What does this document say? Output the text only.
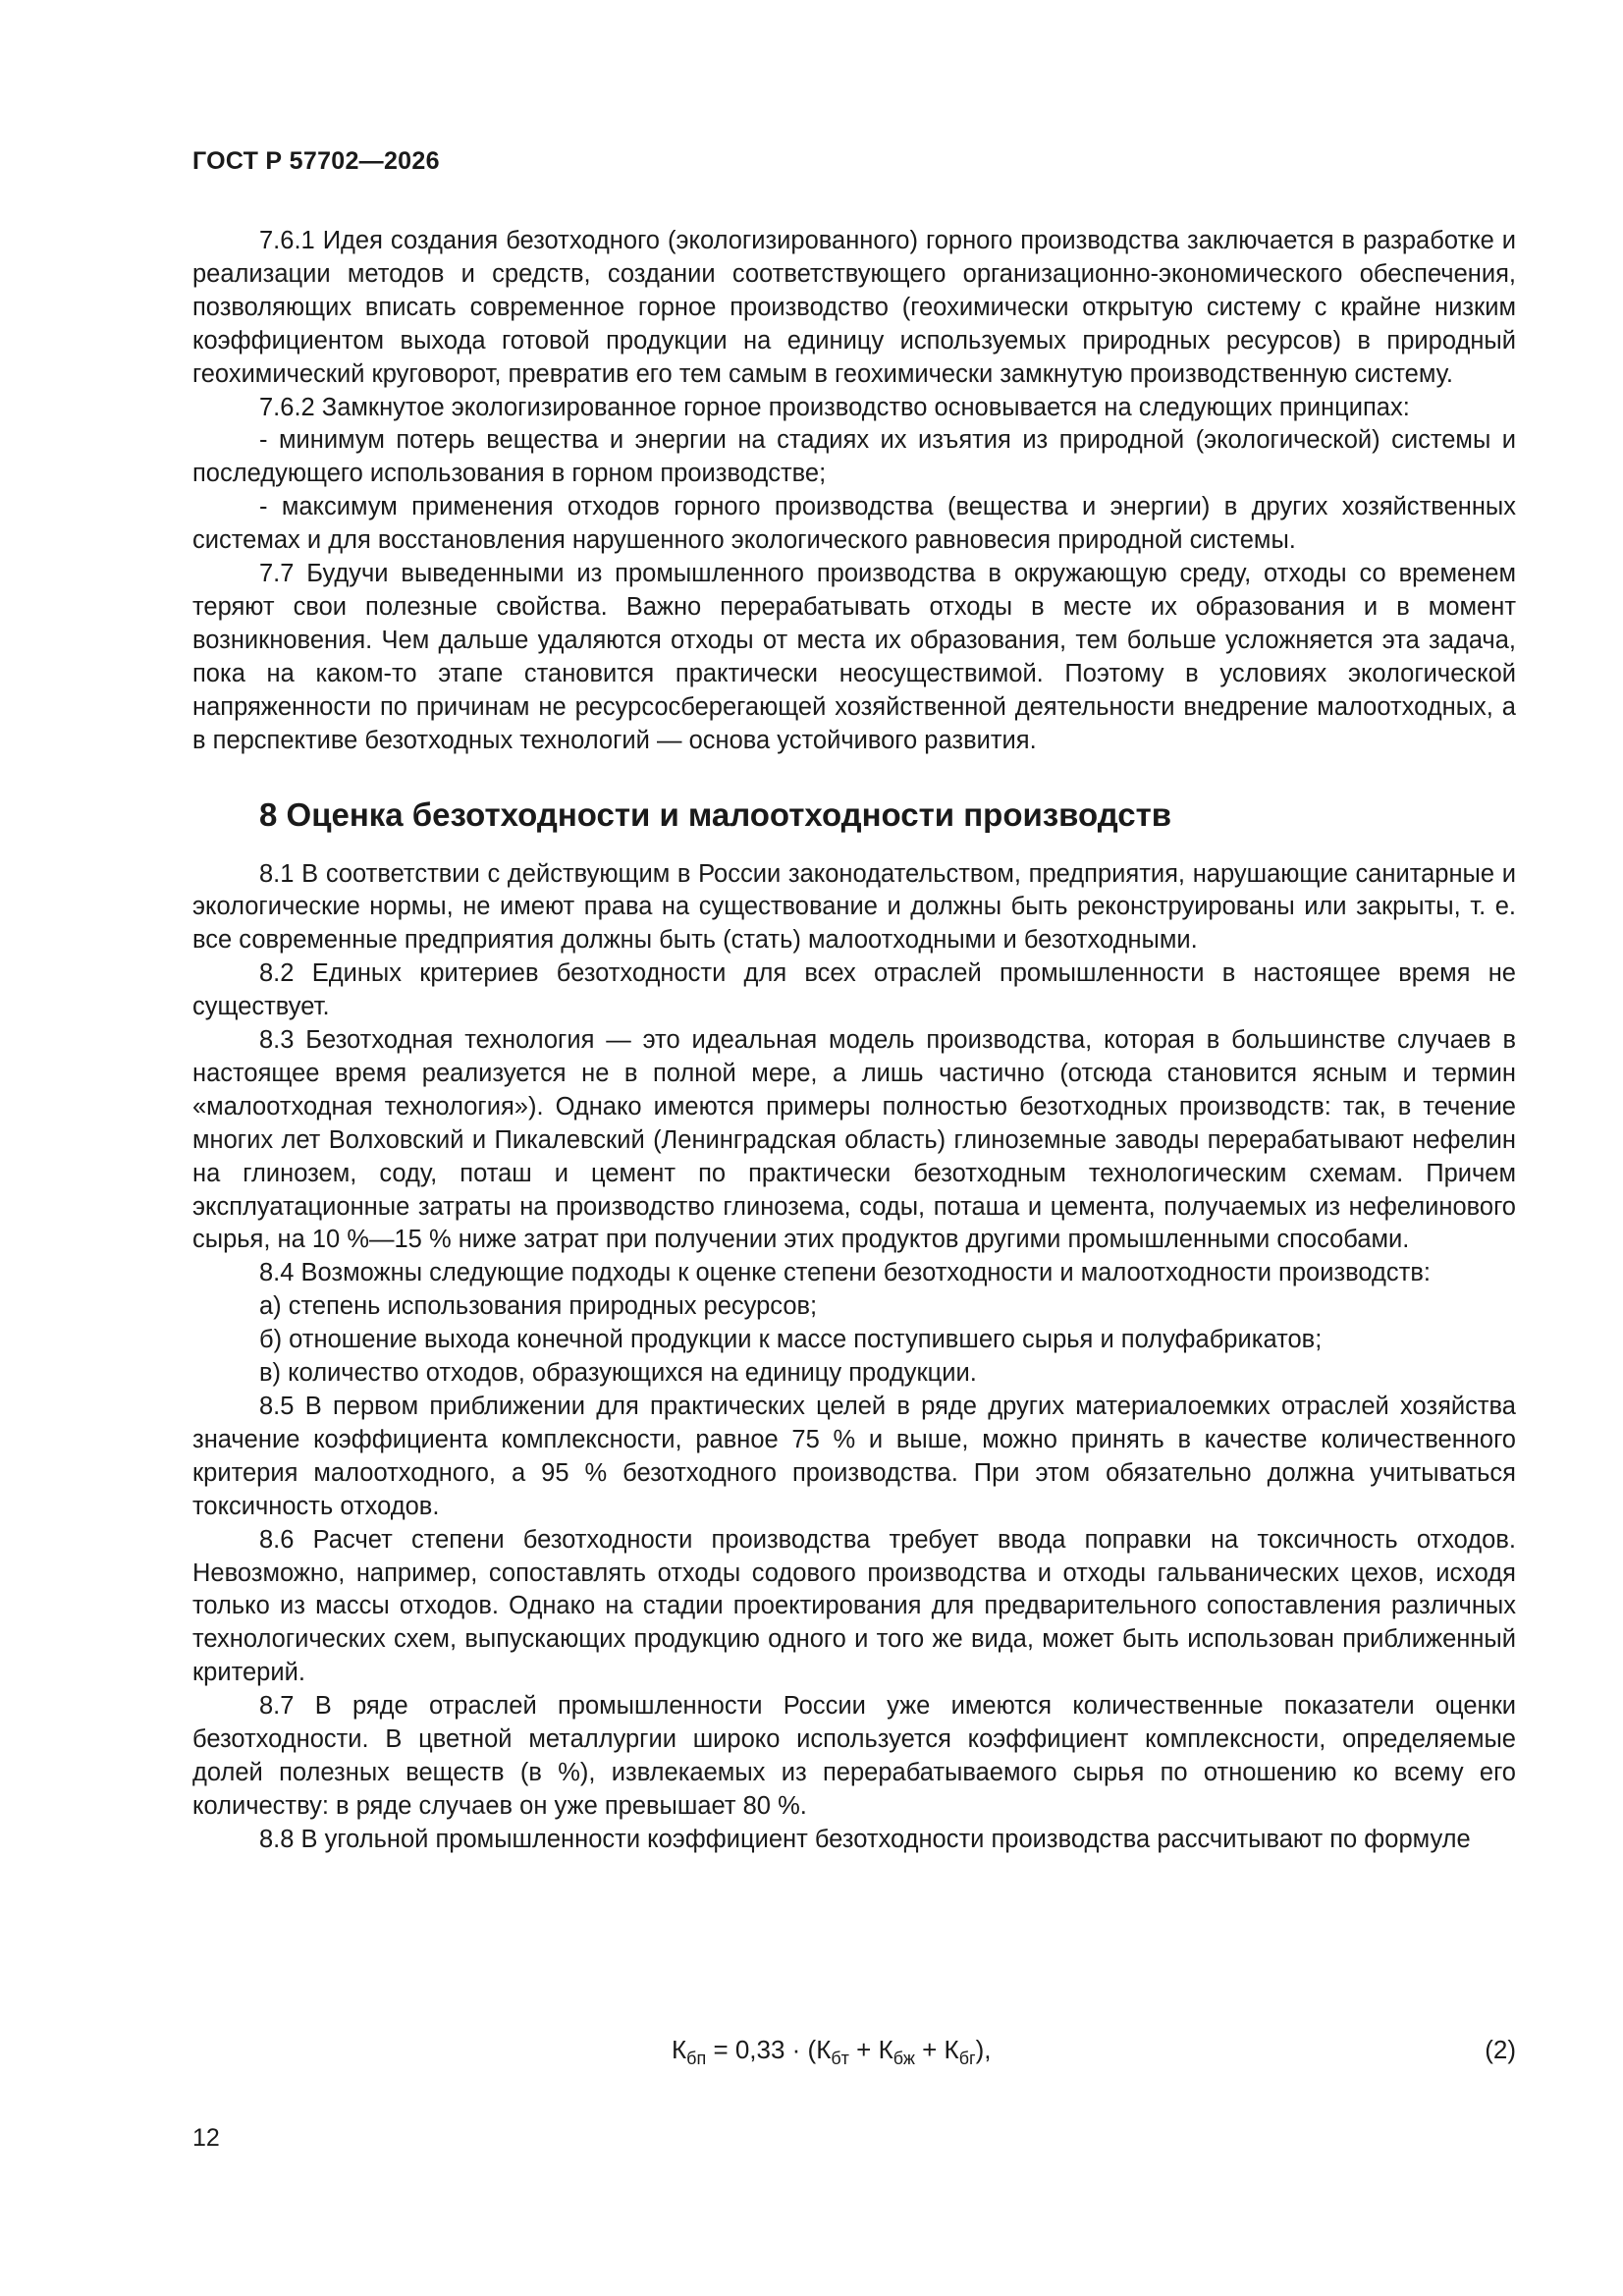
ГОСТ Р 57702—2026

7.6.1 Идея создания безотходного (экологизированного) горного производства заключается в разработке и реализации методов и средств, создании соответствующего организационно-экономического обеспечения, позволяющих вписать современное горное производство (геохимически открытую систему с крайне низким коэффициентом выхода готовой продукции на единицу используемых природных ресурсов) в природный геохимический круговорот, превратив его тем самым в геохимически замкнутую производственную систему.

7.6.2 Замкнутое экологизированное горное производство основывается на следующих принципах:

- минимум потерь вещества и энергии на стадиях их изъятия из природной (экологической) системы и последующего использования в горном производстве;

- максимум применения отходов горного производства (вещества и энергии) в других хозяйственных системах и для восстановления нарушенного экологического равновесия природной системы.

7.7 Будучи выведенными из промышленного производства в окружающую среду, отходы со временем теряют свои полезные свойства. Важно перерабатывать отходы в месте их образования и в момент возникновения. Чем дальше удаляются отходы от места их образования, тем больше усложняется эта задача, пока на каком-то этапе становится практически неосуществимой. Поэтому в условиях экологической напряженности по причинам не ресурсосберегающей хозяйственной деятельности внедрение малоотходных, а в перспективе безотходных технологий — основа устойчивого развития.

8 Оценка безотходности и малоотходности производств

8.1 В соответствии с действующим в России законодательством, предприятия, нарушающие санитарные и экологические нормы, не имеют права на существование и должны быть реконструированы или закрыты, т. е. все современные предприятия должны быть (стать) малоотходными и безотходными.

8.2 Единых критериев безотходности для всех отраслей промышленности в настоящее время не существует.

8.3 Безотходная технология — это идеальная модель производства, которая в большинстве случаев в настоящее время реализуется не в полной мере, а лишь частично (отсюда становится ясным и термин «малоотходная технология»). Однако имеются примеры полностью безотходных производств: так, в течение многих лет Волховский и Пикалевский (Ленинградская область) глиноземные заводы перерабатывают нефелин на глинозем, соду, поташ и цемент по практически безотходным технологическим схемам. Причем эксплуатационные затраты на производство глинозема, соды, поташа и цемента, получаемых из нефелинового сырья, на 10 %—15 % ниже затрат при получении этих продуктов другими промышленными способами.

8.4 Возможны следующие подходы к оценке степени безотходности и малоотходности производств:

а) степень использования природных ресурсов;

б) отношение выхода конечной продукции к массе поступившего сырья и полуфабрикатов;

в) количество отходов, образующихся на единицу продукции.

8.5 В первом приближении для практических целей в ряде других материалоемких отраслей хозяйства значение коэффициента комплексности, равное 75 % и выше, можно принять в качестве количественного критерия малоотходного, а 95 % безотходного производства. При этом обязательно должна учитываться токсичность отходов.

8.6 Расчет степени безотходности производства требует ввода поправки на токсичность отходов. Невозможно, например, сопоставлять отходы содового производства и отходы гальванических цехов, исходя только из массы отходов. Однако на стадии проектирования для предварительного сопоставления различных технологических схем, выпускающих продукцию одного и того же вида, может быть использован приближенный критерий.

8.7 В ряде отраслей промышленности России уже имеются количественные показатели оценки безотходности. В цветной металлургии широко используется коэффициент комплексности, определяемые долей полезных веществ (в %), извлекаемых из перерабатываемого сырья по отношению ко всему его количеству: в ряде случаев он уже превышает 80 %.

8.8 В угольной промышленности коэффициент безотходности производства рассчитывают по формуле

$К_{бп} = 0,33 \cdot (К_{бт} + К_{бж} + К_{бг})$,	(2)
12
